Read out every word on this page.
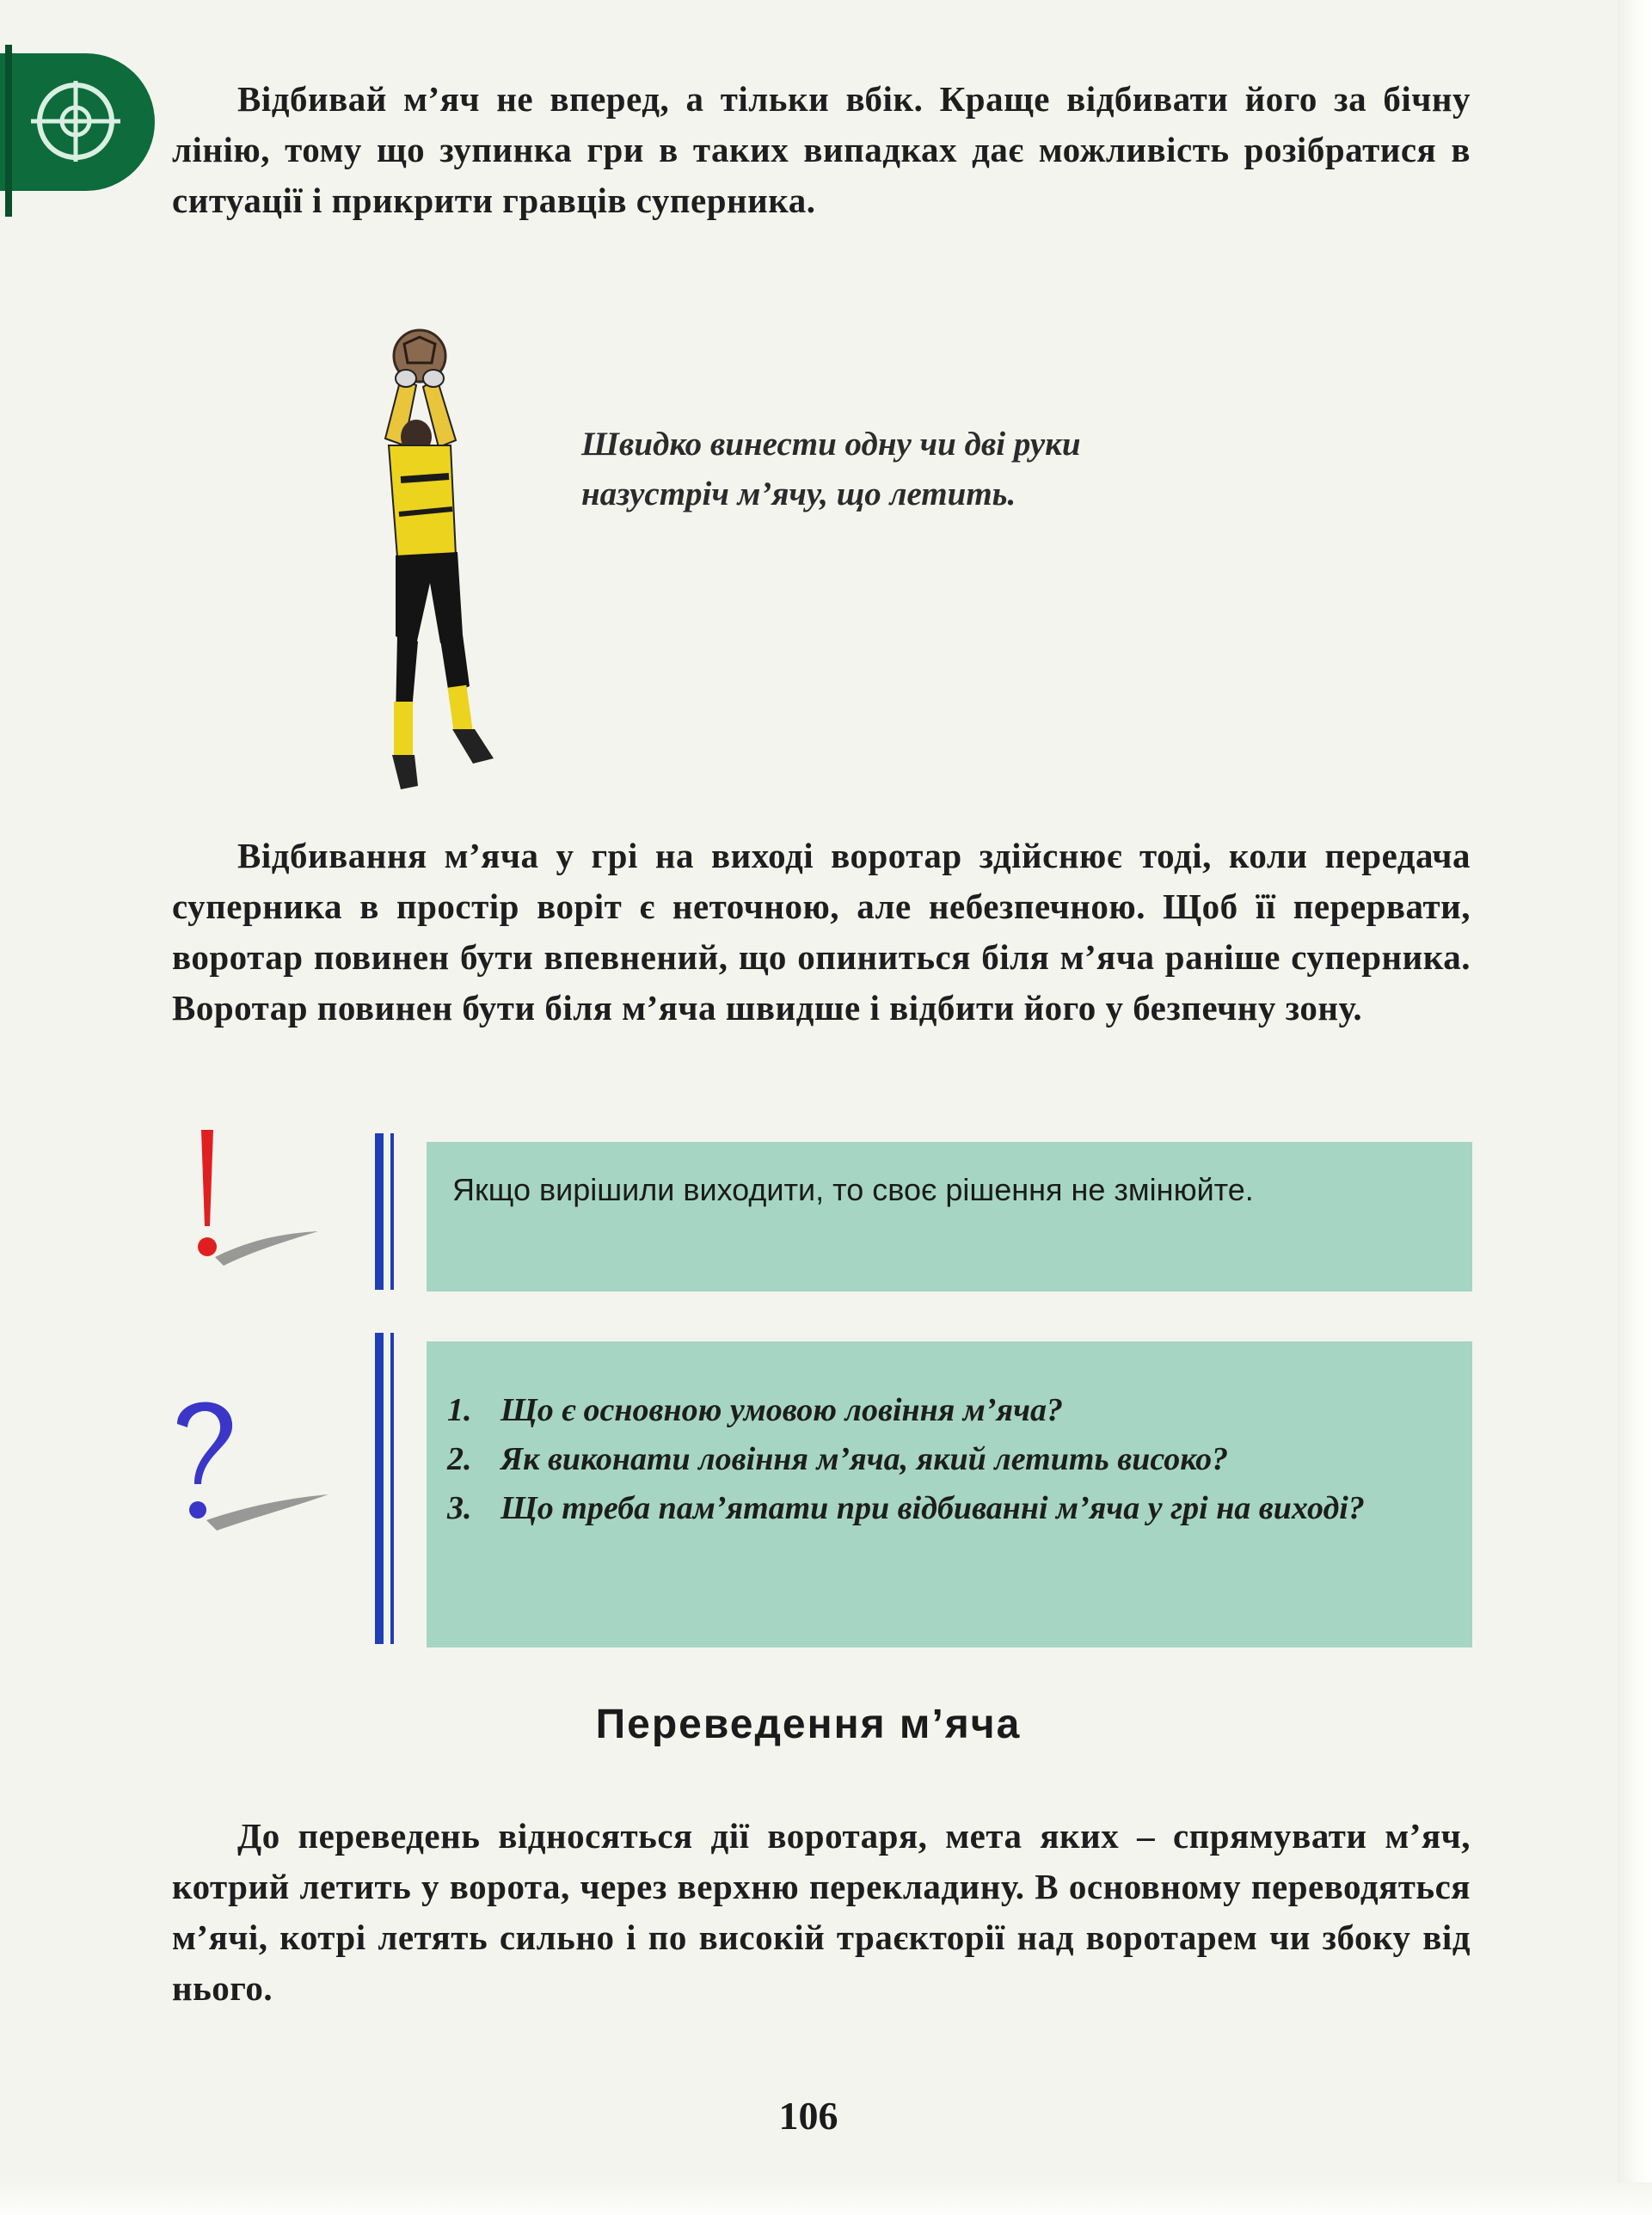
Відбивай м’яч не вперед, а тільки вбік. Краще відбивати його за бічну лінію, тому що зупинка гри в таких випадках дає можливість розібратися в ситуації і прикрити гравців суперника.

Швидко винести одну чи дві руки назустріч м’ячу, що летить.

Відбивання м’яча у грі на виході воротар здійснює тоді, коли передача суперника в простір воріт є неточною, але небезпечною. Щоб її перервати, воротар повинен бути впевнений, що опиниться біля м’яча раніше суперника. Воротар повинен бути біля м’яча швидше і відбити його у безпечну зону.

Якщо вирішили виходити, то своє рішення не змінюйте.
1. Що є основною умовою ловіння м’яча?
2. Як виконати ловіння м’яча, який летить високо?
3. Що треба пам’ятати при відбиванні м’яча у грі на виході?
Переведення м’яча

До переведень відносяться дії воротаря, мета яких – спрямувати м’яч, котрий летить у ворота, через верхню перекладину. В основному переводяться м’ячі, котрі летять сильно і по високій траєкторії над воротарем чи збоку від нього.

106
